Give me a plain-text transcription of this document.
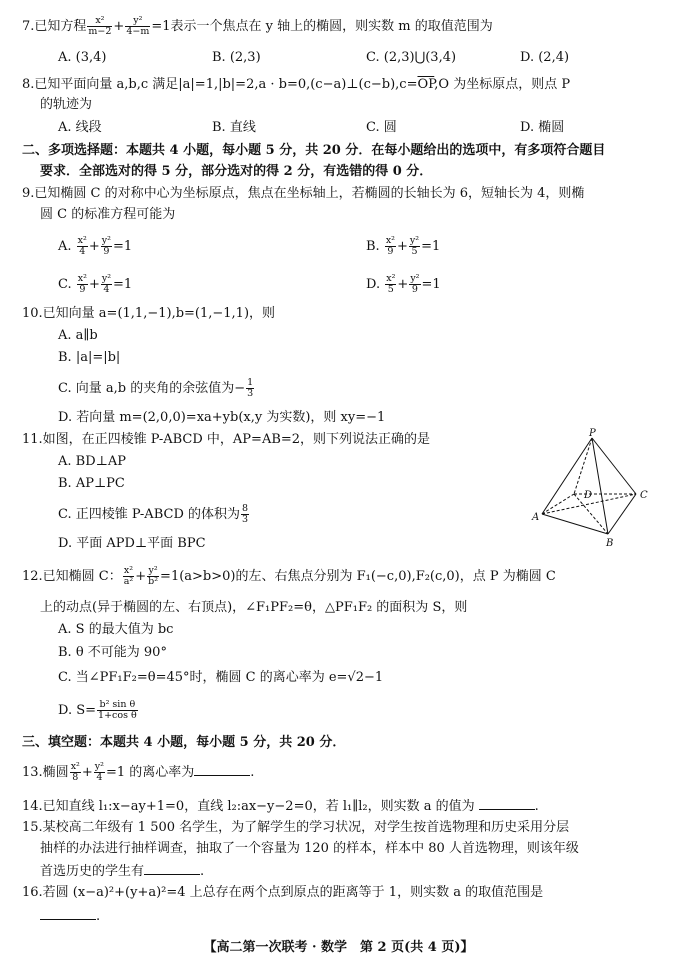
7.已知方程 $\frac{\text{x²}}{m-2} + \frac{\text{y²}}{4-m} =1$表示一个焦点在 y 轴上的椭圆，则实数 m 的取值范围为
A. (3,4)	B. (2,3)	C. (2,3)⋃(3,4)	D. (2,4)
8.已知平面向量 a,b,c 满足$|a|=1,|b|=2,a \cdot b=0,(c-a)\perp(c-b),c=\overline{OP},O$ 为坐标原点，则点 P
的轨迹为
A. 线段	B. 直线	C. 圆	D. 椭圆
二、多项选择题：本题共 4 小题，每小题 5 分，共 20 分．在每小题给出的选项中，有多项符合题目
要求．全部选对的得 5 分，部分选对的得 2 分，有选错的得 0 分．
9.已知椭圆 C 的对称中心为坐标原点，焦点在坐标轴上，若椭圆的长轴长为 6，短轴长为 4，则椭
圆 C 的标准方程可能为
A. $\frac{\text{x²}}{4} + \frac{\text{y²}}{9} =1$	B. $\frac{\text{x²}}{9} + \frac{\text{y²}}{5} =1$
C. $\frac{\text{x²}}{9} + \frac{\text{y²}}{4} =1$	D. $\frac{\text{x²}}{5} + \frac{\text{y²}}{9} =1$
10.已知向量 a=(1,1,−1),b=(1,−1,1)，则
A. a∥b
B. |a|=|b|
C. 向量 a,b 的夹角的余弦值为− $\frac{1}{3}$
D. 若向量 m=(2,0,0)=xa+yb(x,y 为实数)，则 xy=−1
11.如图，在正四棱锥 P-ABCD 中，AP=AB=2，则下列说法正确的是
A. BD⊥AP
B. AP⊥PC
C. 正四棱锥 P-ABCD 的体积为 $\frac{8}{3}$
D. 平面 APD⊥平面 BPC
P
A
B
C
D
12.已知椭圆 C： $\frac{\text{x²}}{\text{a²}} + \frac{\text{y²}}{\text{b²}} =1(a>b>0)$的左、右焦点分别为 F₁(−c,0),F₂(c,0)，点 P 为椭圆 C
上的动点(异于椭圆的左、右顶点)，∠F₁PF₂=θ，△PF₁F₂ 的面积为 S，则
A. S 的最大值为 bc
B. θ 不可能为 90°
C. 当∠PF₁F₂=θ=45°时，椭圆 C 的离心率为 e=√2−1
D. $S= \frac{\text{b² sin θ}}{\text{1+cos θ}}$
三、填空题：本题共 4 小题，每小题 5 分，共 20 分．
13.椭圆 $\frac{\text{x²}}{8} + \frac{\text{y²}}{4} =1$ 的离心率为	.
14.已知直线 l₁:x−ay+1=0，直线 l₂:ax−y−2=0，若 l₁∥l₂，则实数 a 的值为	.
15.某校高二年级有 1 500 名学生，为了解学生的学习状况，对学生按首选物理和历史采用分层
抽样的办法进行抽样调查，抽取了一个容量为 120 的样本，样本中 80 人首选物理，则该年级
首选历史的学生有	.
16.若圆 (x−a)²+(y+a)²=4 上总存在两个点到原点的距离等于 1，则实数 a 的取值范围是
.
【高二第一次联考 · 数学　第 2 页(共 4 页)】
